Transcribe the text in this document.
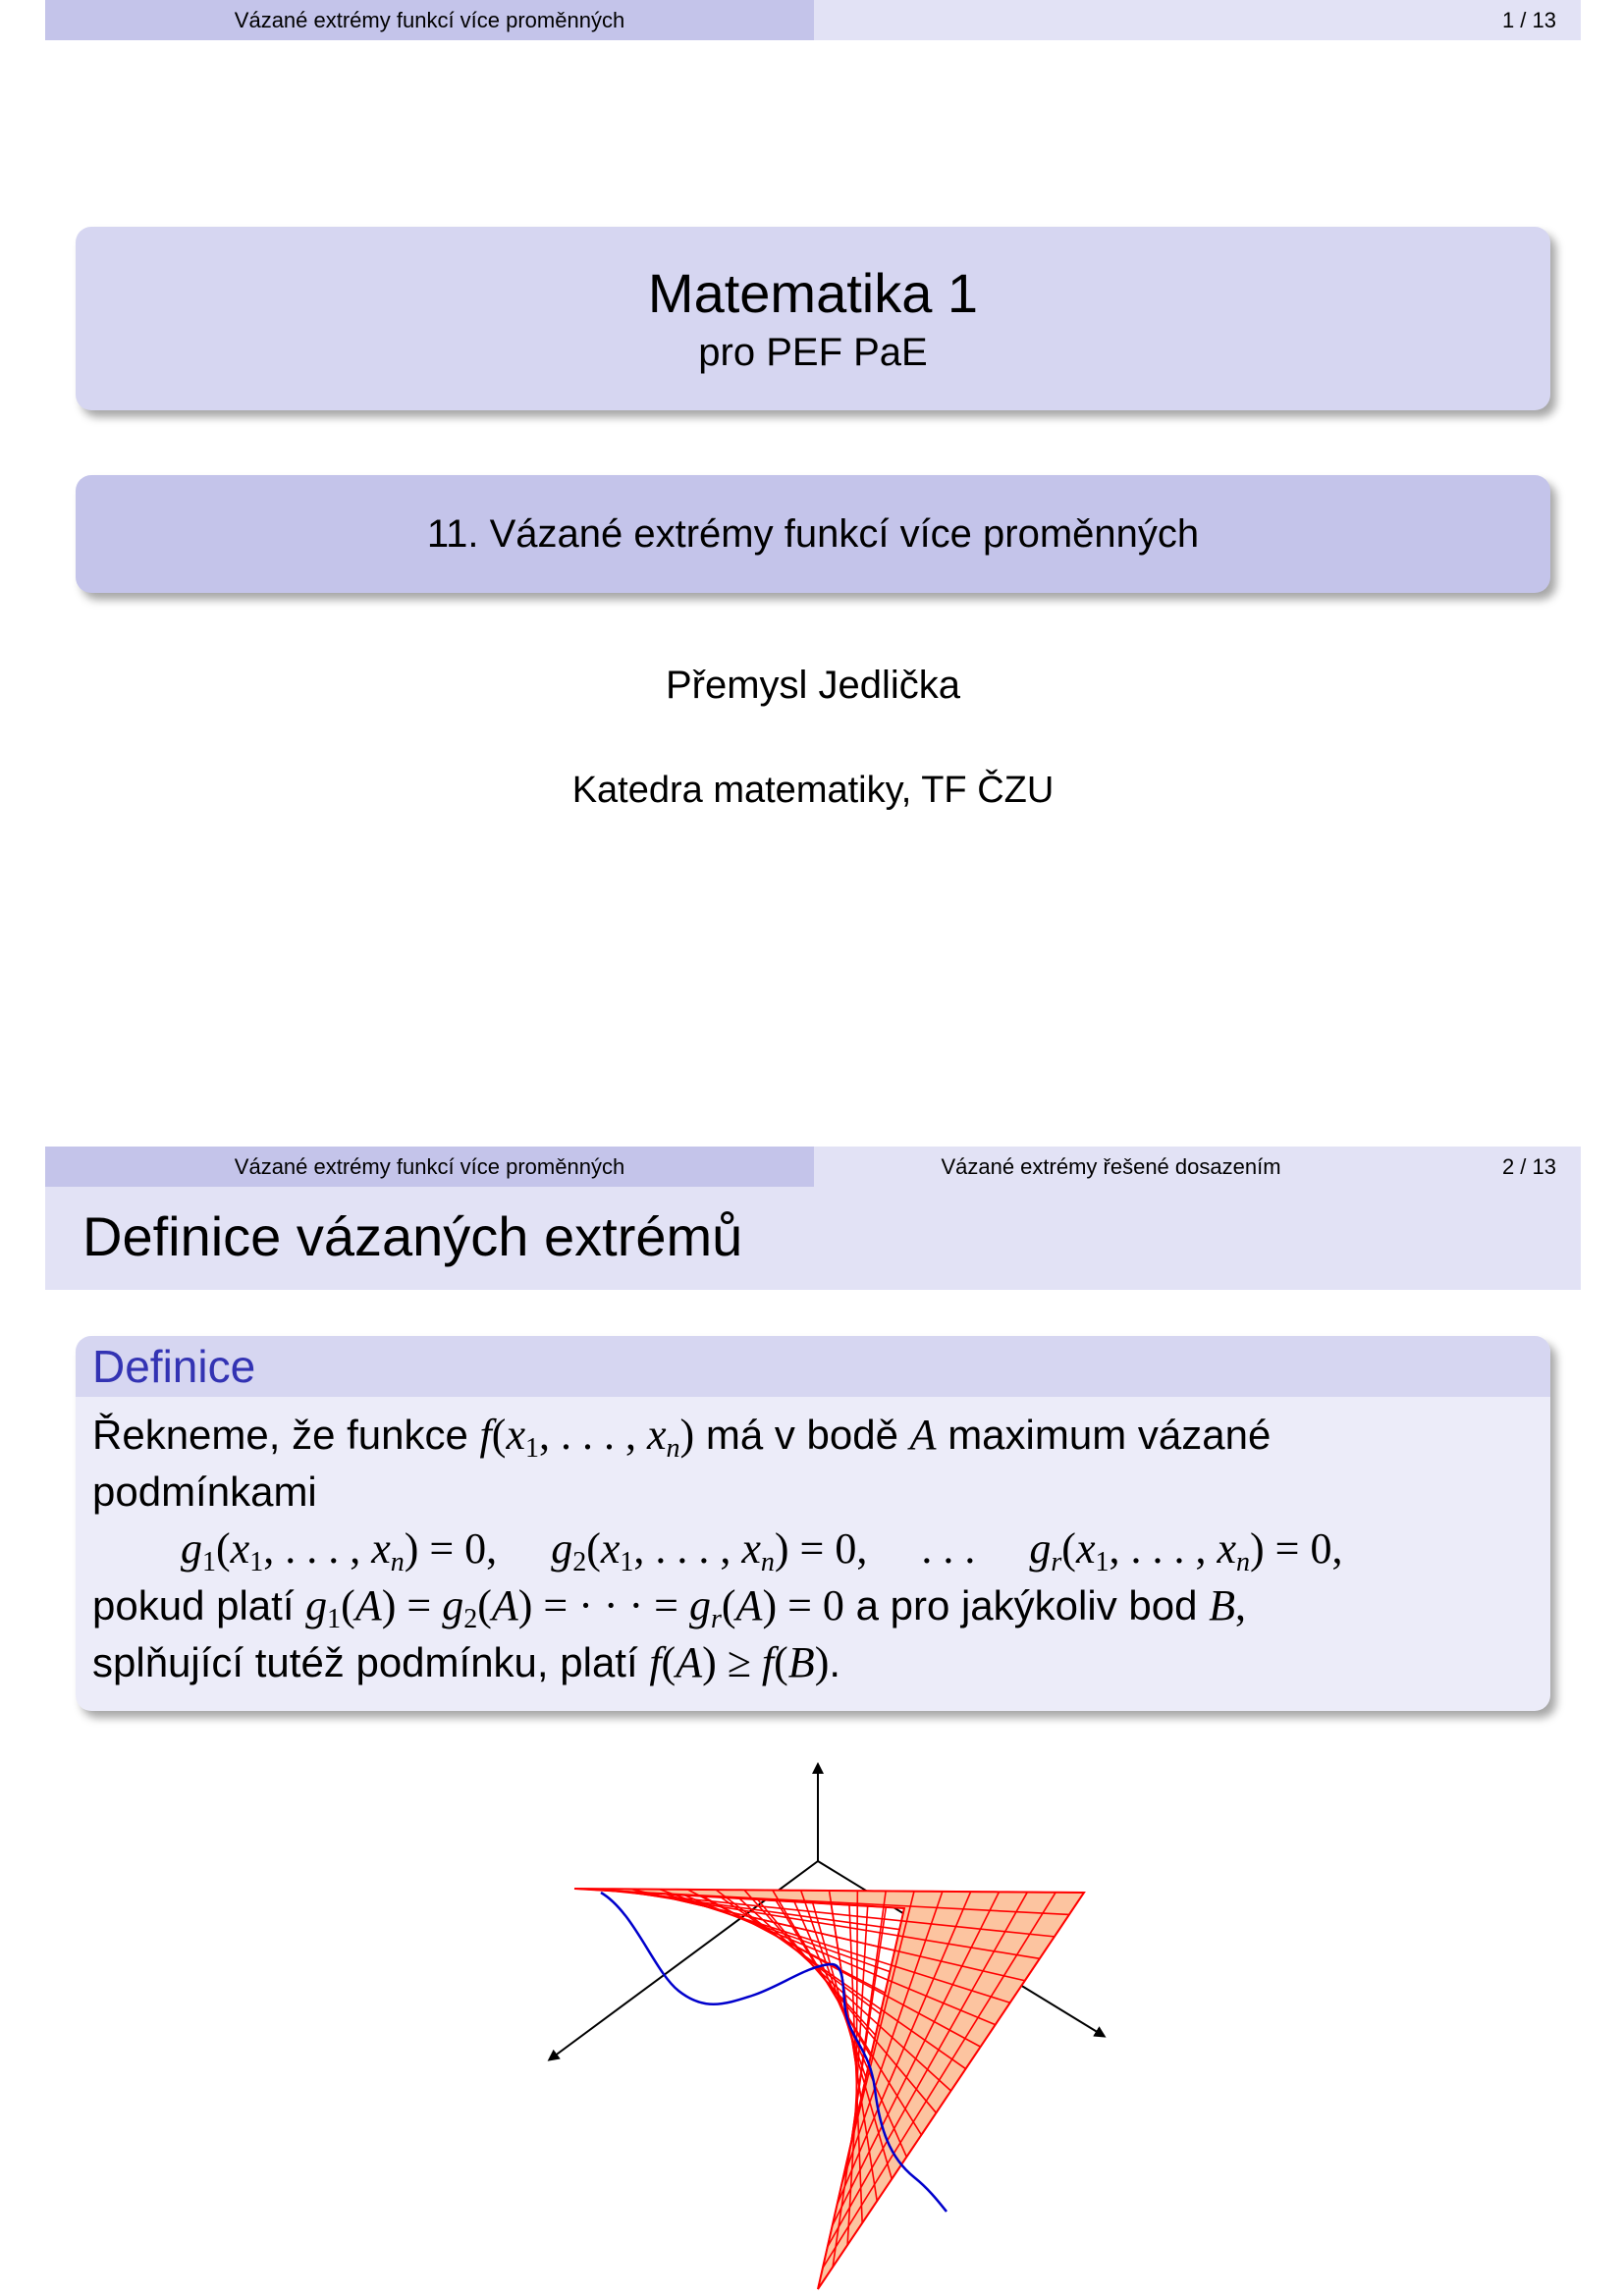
Vázané extrémy funkcí více proměnných	1 / 13
Matematika 1
pro PEF PaE
11. Vázané extrémy funkcí více proměnných
Přemysl Jedlička
Katedra matematiky, TF ČZU
Vázané extrémy funkcí více proměnných	Vázané extrémy řešené dosazením	2 / 13
Definice vázaných extrémů
Definice
Řekneme, že funkce $f(x_1$, . . . , $x_n$) má v bodě A maximum vázané
podmínkami
$g_1(x_1$, . . . , $x_n) = 0$,     $g_2(x_1$, . . . , $x_n) = 0$,     . . .     $g_r(x_1$, . . . , $x_n) = 0$,
pokud platí $g_1(A) = g_2(A)$ = · · · = $g_r(A) = 0$ a pro jakýkoliv bod B,
splňující tutéž podmínku, platí f(A) ≥ f(B).
